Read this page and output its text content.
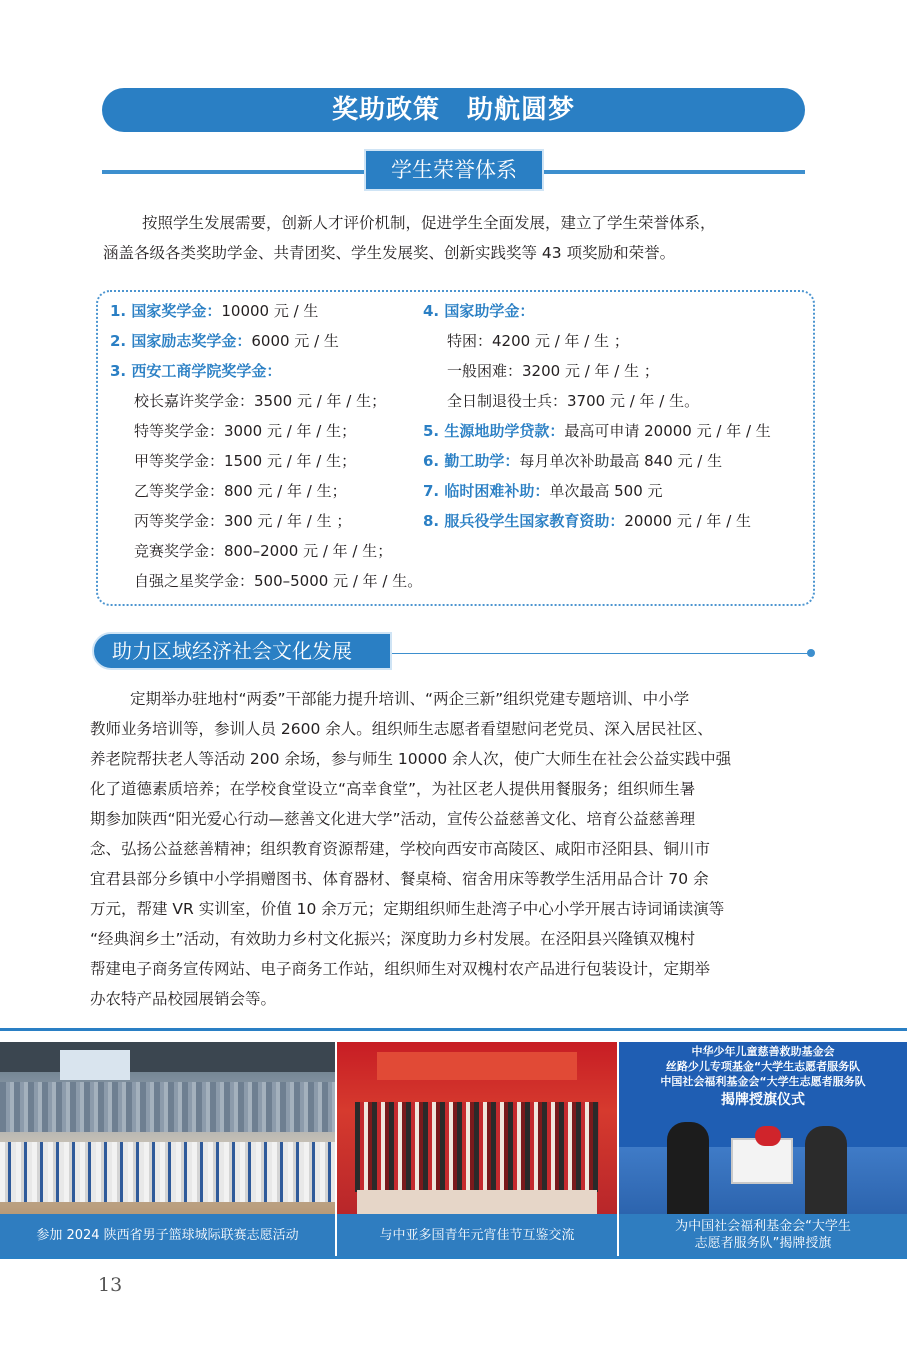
奖助政策　助航圆梦
学生荣誉体系

按照学生发展需要，创新人才评价机制，促进学生全面发展，建立了学生荣誉体系，

涵盖各级各类奖助学金、共青团奖、学生发展奖、创新实践奖等 43 项奖励和荣誉。

1. 国家奖学金：10000 元 / 生
2. 国家励志奖学金：6000 元 / 生
3. 西安工商学院奖学金：
校长嘉许奖学金：3500 元 / 年 / 生；
特等奖学金：3000 元 / 年 / 生；
甲等奖学金：1500 元 / 年 / 生；
乙等奖学金：800 元 / 年 / 生；
丙等奖学金：300 元 / 年 / 生 ；
竞赛奖学金：800–2000 元 / 年 / 生；
自强之星奖学金：500–5000 元 / 年 / 生。
4. 国家助学金：
特困：4200 元 / 年 / 生 ；
一般困难：3200 元 / 年 / 生 ；
全日制退役士兵：3700 元 / 年 / 生。
5. 生源地助学贷款：最高可申请 20000 元 / 年 / 生
6. 勤工助学：每月单次补助最高 840 元 / 生
7. 临时困难补助：单次最高 500 元
8. 服兵役学生国家教育资助：20000 元 / 年 / 生
助力区域经济社会文化发展

定期举办驻地村“两委”干部能力提升培训、“两企三新”组织党建专题培训、中小学

教师业务培训等，参训人员 2600 余人。组织师生志愿者看望慰问老党员、深入居民社区、

养老院帮扶老人等活动 200 余场，参与师生 10000 余人次，使广大师生在社会公益实践中强

化了道德素质培养；在学校食堂设立“高幸食堂”，为社区老人提供用餐服务；组织师生暑

期参加陕西“阳光爱心行动—慈善文化进大学”活动，宣传公益慈善文化、培育公益慈善理

念、弘扬公益慈善精神；组织教育资源帮建，学校向西安市高陵区、咸阳市泾阳县、铜川市

宜君县部分乡镇中小学捐赠图书、体育器材、餐桌椅、宿舍用床等教学生活用品合计 70 余

万元，帮建 VR 实训室，价值 10 余万元；定期组织师生赴湾子中心小学开展古诗词诵读演等

“经典润乡土”活动，有效助力乡村文化振兴；深度助力乡村发展。在泾阳县兴隆镇双槐村

帮建电子商务宣传网站、电子商务工作站，组织师生对双槐村农产品进行包装设计，定期举

办农特产品校园展销会等。

参加 2024 陕西省男子篮球城际联赛志愿活动	与中亚多国青年元宵佳节互鉴交流
中华少年儿童慈善救助基金会
丝路少儿专项基金“大学生志愿者服务队
中国社会福利基金会“大学生志愿者服务队
揭牌授旗仪式
为中国社会福利基金会“大学生
志愿者服务队”揭牌授旗
13
